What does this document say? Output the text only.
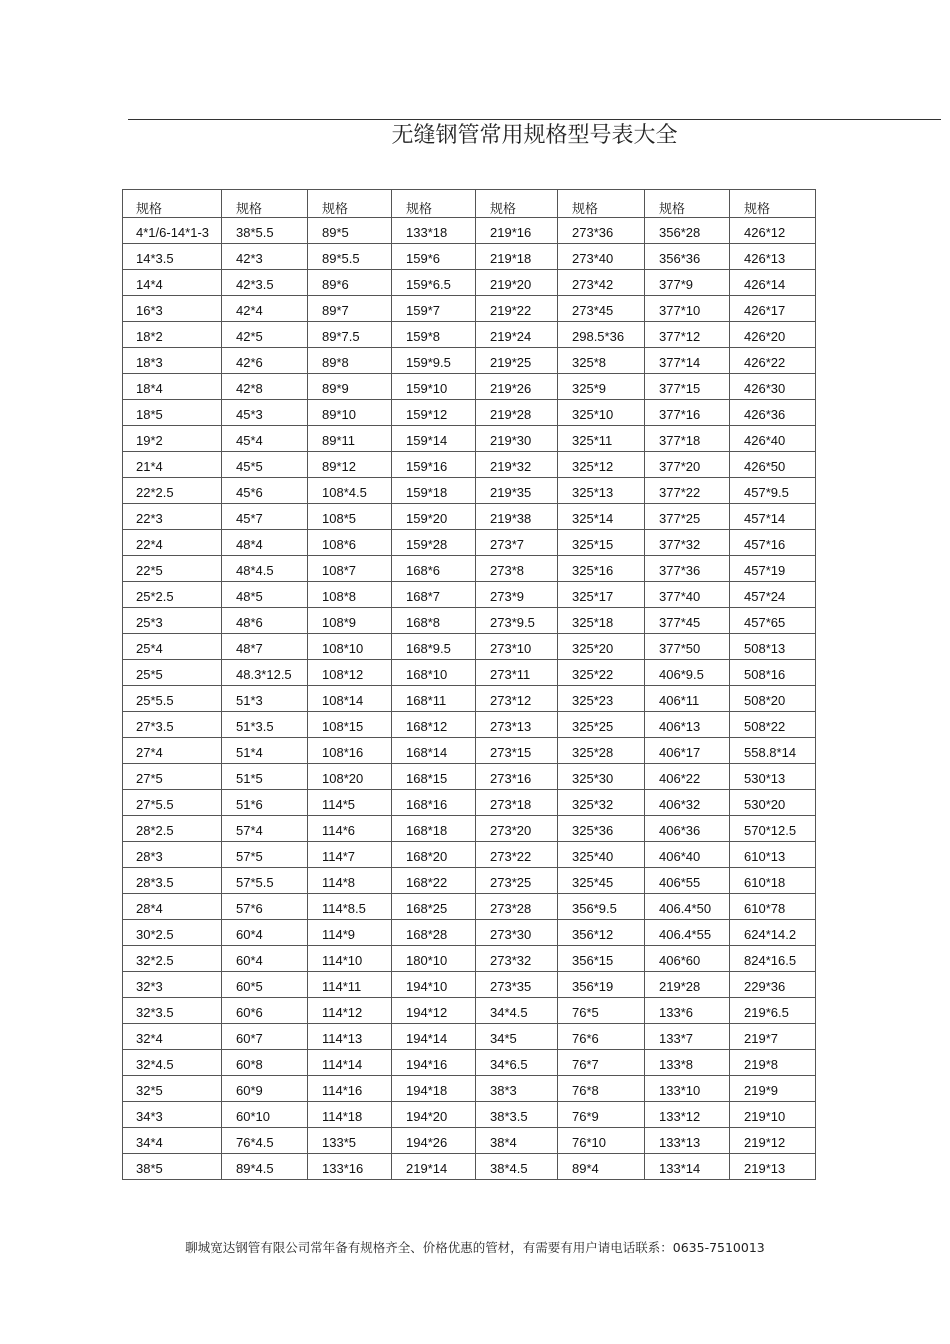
无缝钢管常用规格型号表大全
规格	规格	规格	规格	规格	规格	规格	规格
4*1/6-14*1-3	38*5.5	89*5	133*18	219*16	273*36	356*28	426*12
14*3.5	42*3	89*5.5	159*6	219*18	273*40	356*36	426*13
14*4	42*3.5	89*6	159*6.5	219*20	273*42	377*9	426*14
16*3	42*4	89*7	159*7	219*22	273*45	377*10	426*17
18*2	42*5	89*7.5	159*8	219*24	298.5*36	377*12	426*20
18*3	42*6	89*8	159*9.5	219*25	325*8	377*14	426*22
18*4	42*8	89*9	159*10	219*26	325*9	377*15	426*30
18*5	45*3	89*10	159*12	219*28	325*10	377*16	426*36
19*2	45*4	89*11	159*14	219*30	325*11	377*18	426*40
21*4	45*5	89*12	159*16	219*32	325*12	377*20	426*50
22*2.5	45*6	108*4.5	159*18	219*35	325*13	377*22	457*9.5
22*3	45*7	108*5	159*20	219*38	325*14	377*25	457*14
22*4	48*4	108*6	159*28	273*7	325*15	377*32	457*16
22*5	48*4.5	108*7	168*6	273*8	325*16	377*36	457*19
25*2.5	48*5	108*8	168*7	273*9	325*17	377*40	457*24
25*3	48*6	108*9	168*8	273*9.5	325*18	377*45	457*65
25*4	48*7	108*10	168*9.5	273*10	325*20	377*50	508*13
25*5	48.3*12.5	108*12	168*10	273*11	325*22	406*9.5	508*16
25*5.5	51*3	108*14	168*11	273*12	325*23	406*11	508*20
27*3.5	51*3.5	108*15	168*12	273*13	325*25	406*13	508*22
27*4	51*4	108*16	168*14	273*15	325*28	406*17	558.8*14
27*5	51*5	108*20	168*15	273*16	325*30	406*22	530*13
27*5.5	51*6	114*5	168*16	273*18	325*32	406*32	530*20
28*2.5	57*4	114*6	168*18	273*20	325*36	406*36	570*12.5
28*3	57*5	114*7	168*20	273*22	325*40	406*40	610*13
28*3.5	57*5.5	114*8	168*22	273*25	325*45	406*55	610*18
28*4	57*6	114*8.5	168*25	273*28	356*9.5	406.4*50	610*78
30*2.5	60*4	114*9	168*28	273*30	356*12	406.4*55	624*14.2
32*2.5	60*4	114*10	180*10	273*32	356*15	406*60	824*16.5
32*3	60*5	114*11	194*10	273*35	356*19	219*28	229*36
32*3.5	60*6	114*12	194*12	34*4.5	76*5	133*6	219*6.5
32*4	60*7	114*13	194*14	34*5	76*6	133*7	219*7
32*4.5	60*8	114*14	194*16	34*6.5	76*7	133*8	219*8
32*5	60*9	114*16	194*18	38*3	76*8	133*10	219*9
34*3	60*10	114*18	194*20	38*3.5	76*9	133*12	219*10
34*4	76*4.5	133*5	194*26	38*4	76*10	133*13	219*12
38*5	89*4.5	133*16	219*14	38*4.5	89*4	133*14	219*13
聊城宽达钢管有限公司常年备有规格齐全、价格优惠的管材，有需要有用户请电话联系：0635-7510013
